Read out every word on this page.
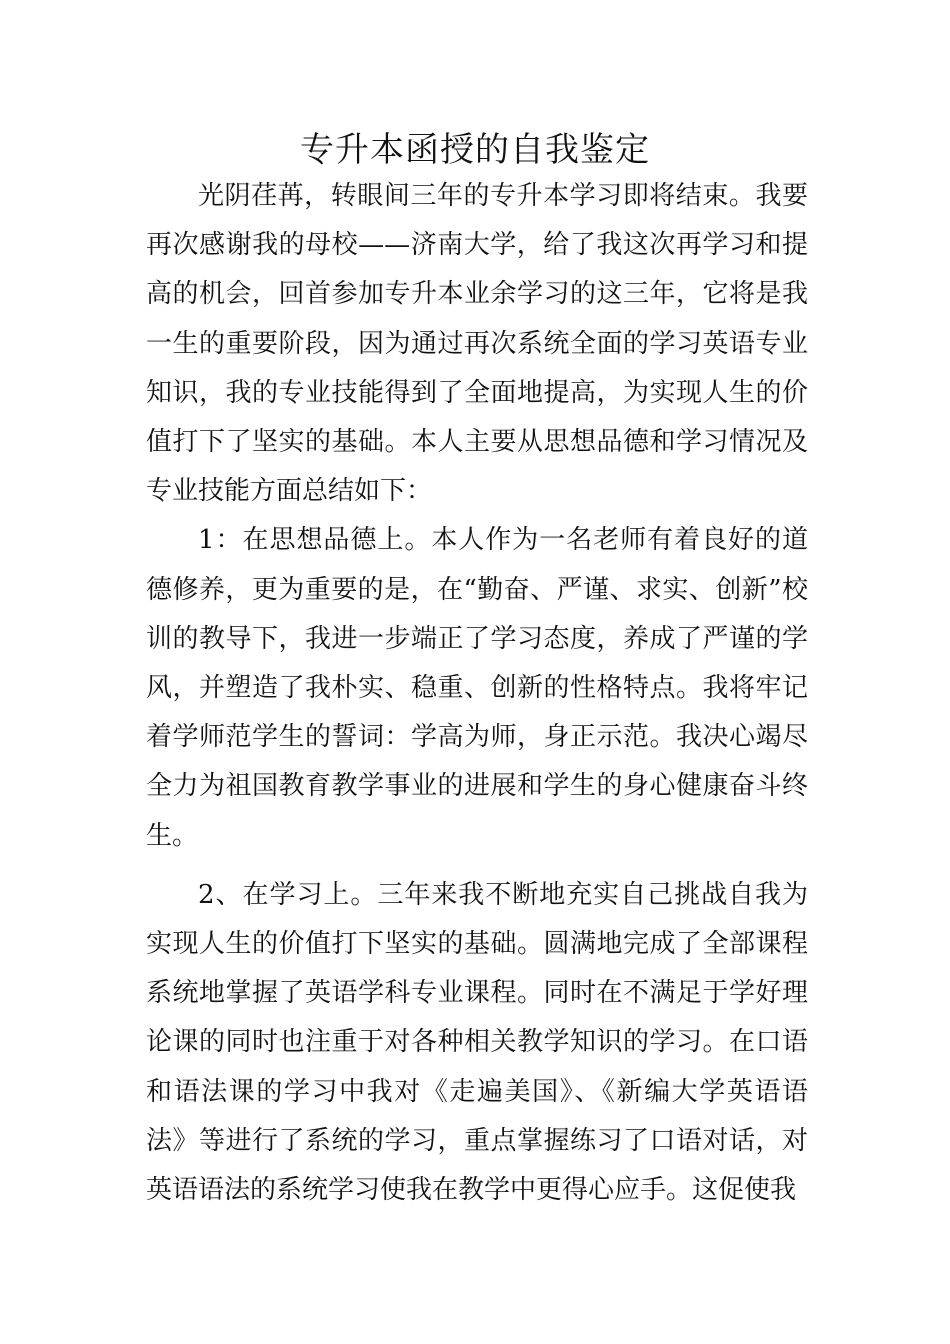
专升本函授的自我鉴定

光阴荏苒，转眼间三年的专升本学习即将结束。我要再次感谢我的母校——济南大学，给了我这次再学习和提高的机会，回首参加专升本业余学习的这三年，它将是我一生的重要阶段，因为通过再次系统全面的学习英语专业知识，我的专业技能得到了全面地提高，为实现人生的价值打下了坚实的基础。本人主要从思想品德和学习情况及专业技能方面总结如下：

1：在思想品德上。本人作为一名老师有着良好的道德修养，更为重要的是，在“勤奋、严谨、求实、创新”校训的教导下，我进一步端正了学习态度，养成了严谨的学风，并塑造了我朴实、稳重、创新的性格特点。我将牢记着学师范学生的誓词：学高为师，身正示范。我决心竭尽全力为祖国教育教学事业的进展和学生的身心健康奋斗终生。

2、在学习上。三年来我不断地充实自己挑战自我为实现人生的价值打下坚实的基础。圆满地完成了全部课程系统地掌握了英语学科专业课程。同时在不满足于学好理论课的同时也注重于对各种相关教学知识的学习。在口语和语法课的学习中我对《走遍美国》、《新编大学英语语法》等进行了系统的学习，重点掌握练习了口语对话，对英语语法的系统学习使我在教学中更得心应手。这促使我
